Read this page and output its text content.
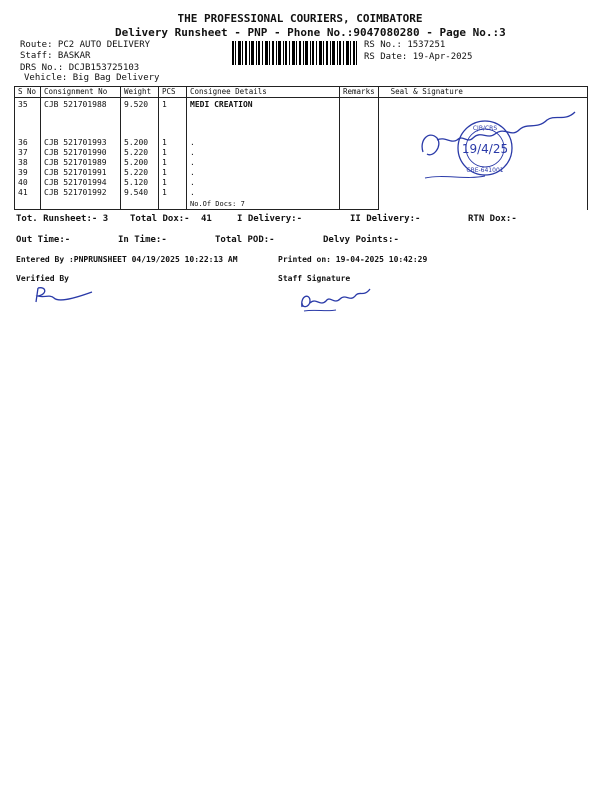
THE PROFESSIONAL COURIERS, COIMBATORE
Delivery Runsheet - PNP - Phone No.:9047080280 - Page No.:3
Route: PC2 AUTO DELIVERY
Staff: BASKAR
DRS No.: DCJB153725103
Vehicle: Big Bag Delivery
RS No.: 1537251
RS Date: 19-Apr-2025
S No	Consignment No	Weight	PCS	Consignee Details	Remarks	Seal & Signature
35	CJB 521701988	9.520	1	MEDI CREATION		
36	CJB 521701993	5.200	1	.		
37	CJB 521701990	5.220	1	.		
38	CJB 521701989	5.200	1	.		
39	CJB 521701991	5.220	1	.		
40	CJB 521701994	5.120	1	.		
41	CJB 521701992	9.540	1	.		
				No.Of Docs: 7		
CJB/CRS
19/4/25
CBE-641001
Tot. Runsheet:- 3 Total Dox:- 41	I Delivery:-	II Delivery:-	RTN Dox:-
Out Time:-	In Time:-	Total POD:-	Delvy Points:-
Entered By :PNPRUNSHEET 04/19/2025 10:22:13 AM	Printed on: 19-04-2025 10:42:29
Verified By	Staff Signature
